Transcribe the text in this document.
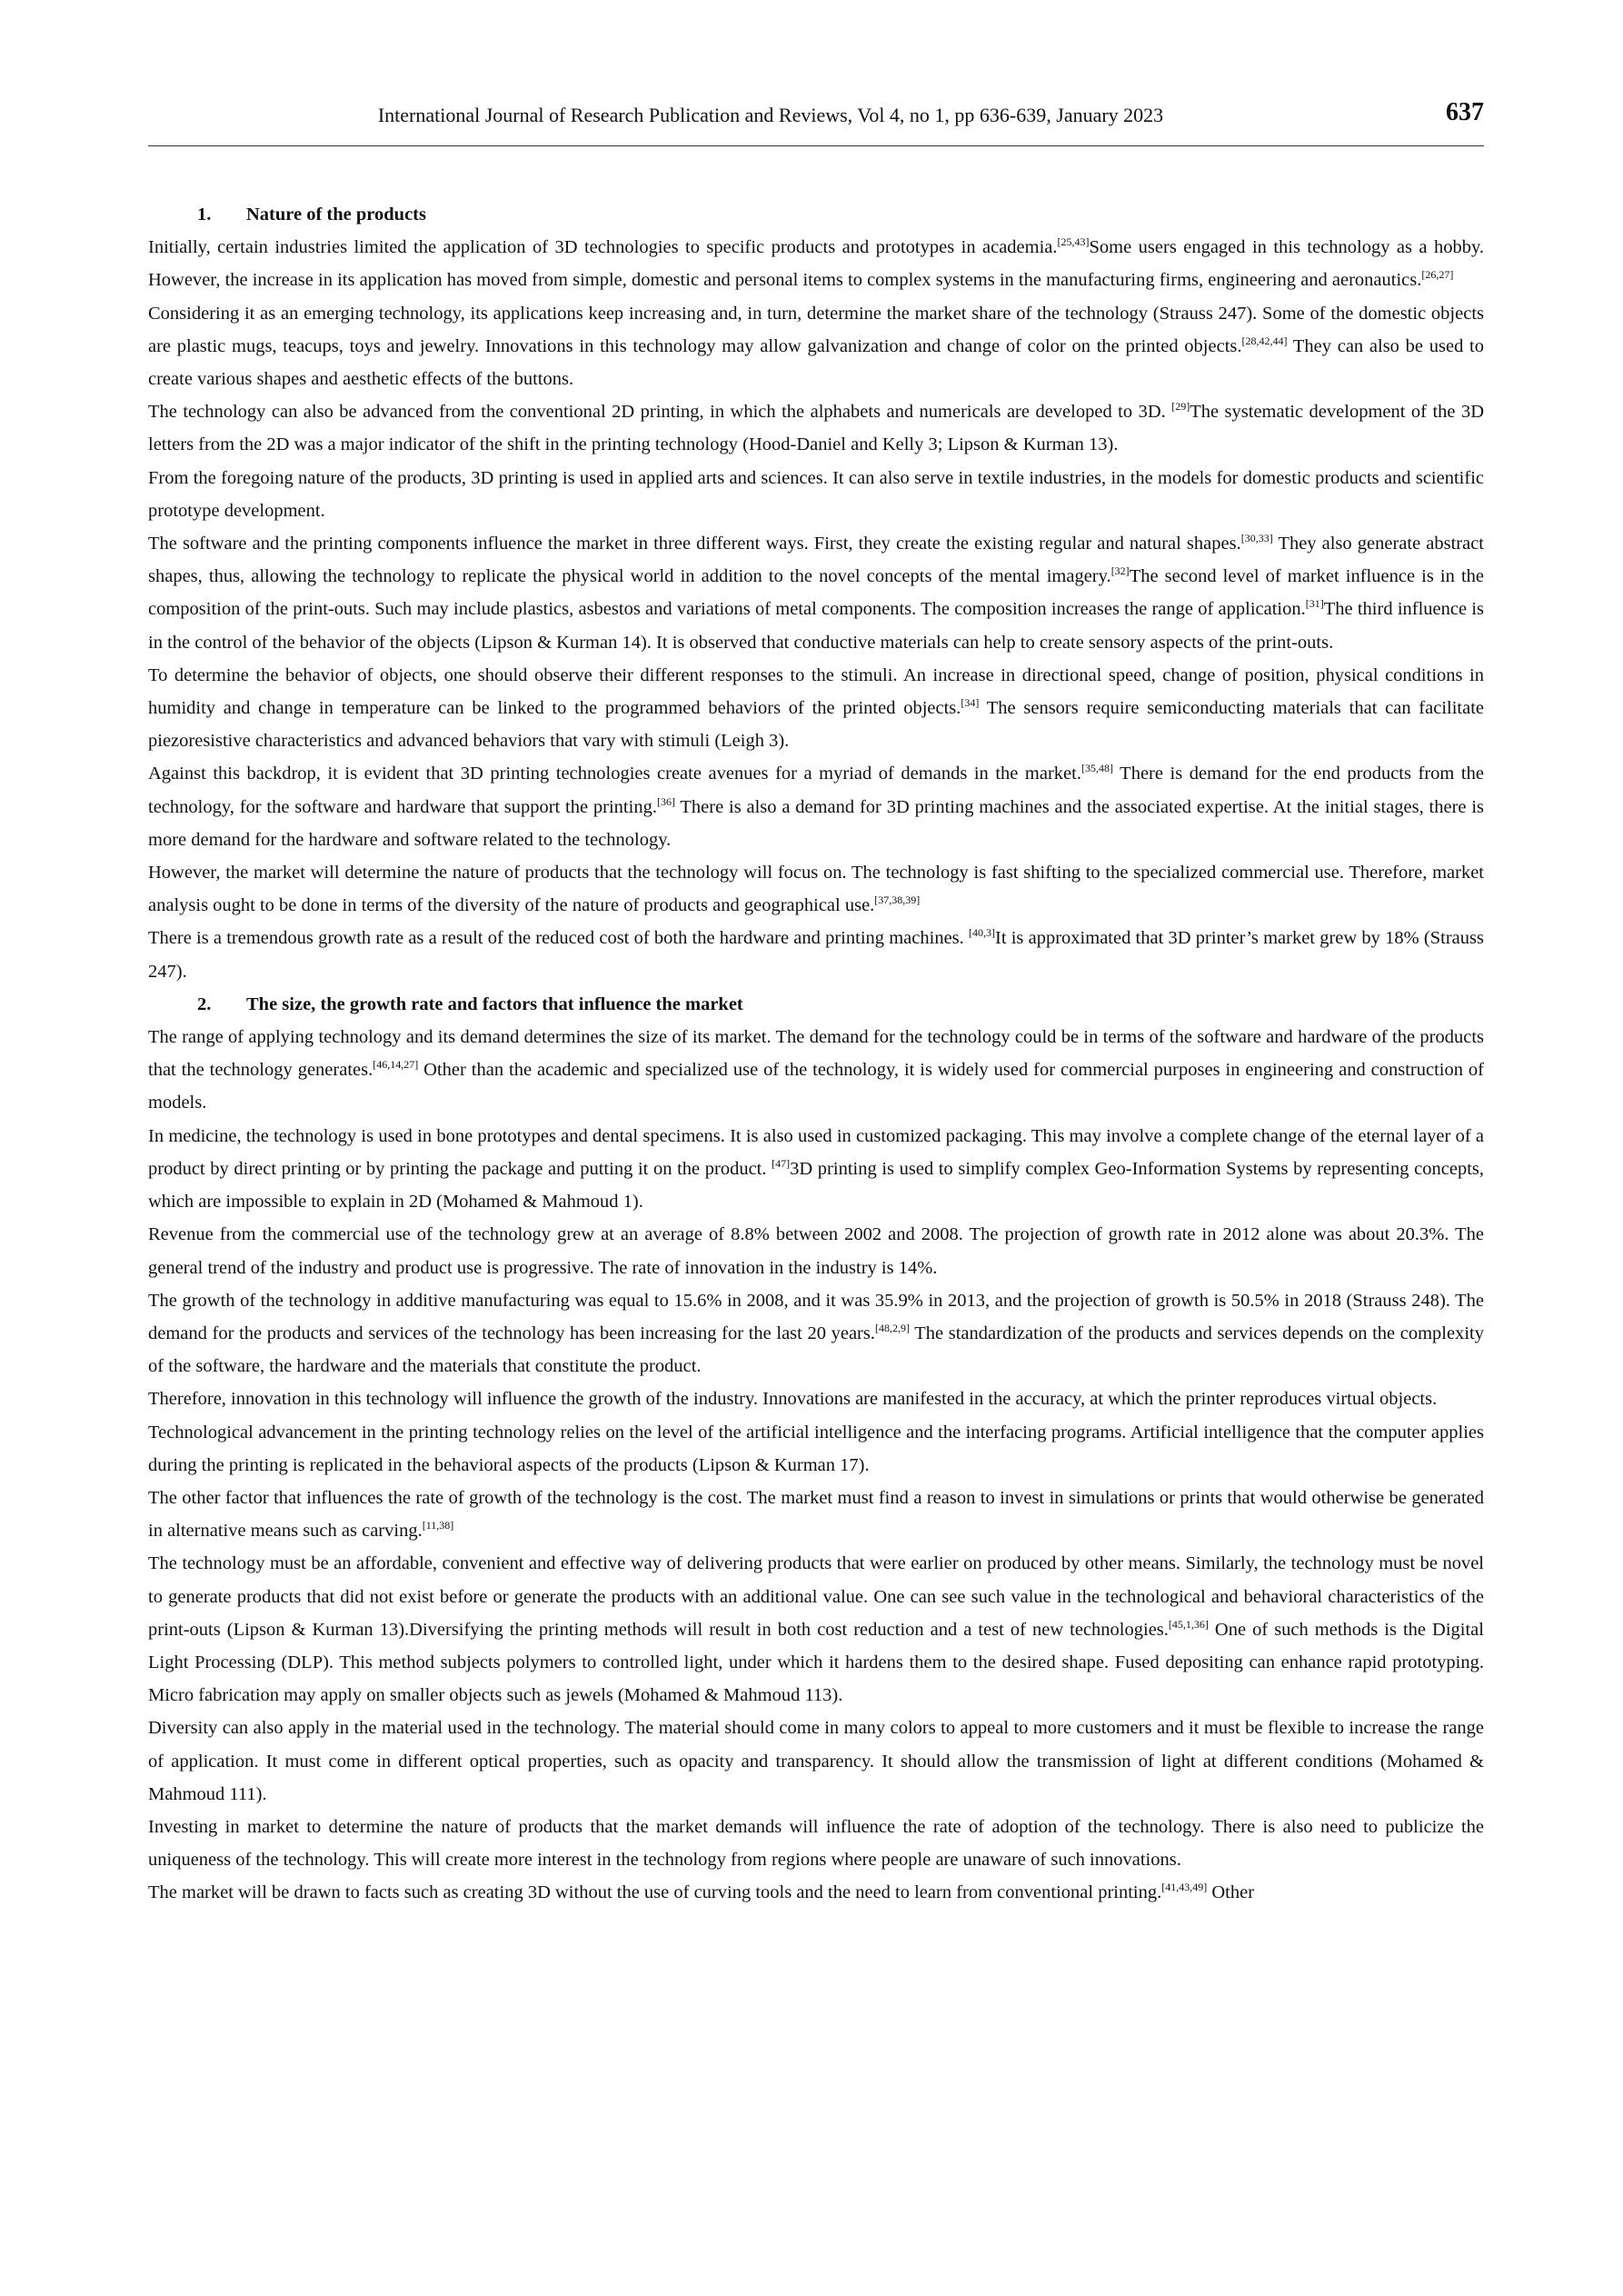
International Journal of Research Publication and Reviews, Vol 4, no 1, pp 636-639, January 2023	637
1. Nature of the products

Initially, certain industries limited the application of 3D technologies to specific products and prototypes in academia.[25,43]Some users engaged in this technology as a hobby. However, the increase in its application has moved from simple, domestic and personal items to complex systems in the manufacturing firms, engineering and aeronautics.[26,27]

Considering it as an emerging technology, its applications keep increasing and, in turn, determine the market share of the technology (Strauss 247). Some of the domestic objects are plastic mugs, teacups, toys and jewelry. Innovations in this technology may allow galvanization and change of color on the printed objects.[28,42,44] They can also be used to create various shapes and aesthetic effects of the buttons.

The technology can also be advanced from the conventional 2D printing, in which the alphabets and numericals are developed to 3D. [29]The systematic development of the 3D letters from the 2D was a major indicator of the shift in the printing technology (Hood-Daniel and Kelly 3; Lipson & Kurman 13).

From the foregoing nature of the products, 3D printing is used in applied arts and sciences. It can also serve in textile industries, in the models for domestic products and scientific prototype development.

The software and the printing components influence the market in three different ways. First, they create the existing regular and natural shapes.[30,33] They also generate abstract shapes, thus, allowing the technology to replicate the physical world in addition to the novel concepts of the mental imagery.[32]The second level of market influence is in the composition of the print-outs. Such may include plastics, asbestos and variations of metal components. The composition increases the range of application.[31]The third influence is in the control of the behavior of the objects (Lipson & Kurman 14). It is observed that conductive materials can help to create sensory aspects of the print-outs.

To determine the behavior of objects, one should observe their different responses to the stimuli. An increase in directional speed, change of position, physical conditions in humidity and change in temperature can be linked to the programmed behaviors of the printed objects.[34] The sensors require semiconducting materials that can facilitate piezoresistive characteristics and advanced behaviors that vary with stimuli (Leigh 3).

Against this backdrop, it is evident that 3D printing technologies create avenues for a myriad of demands in the market.[35,48] There is demand for the end products from the technology, for the software and hardware that support the printing.[36] There is also a demand for 3D printing machines and the associated expertise. At the initial stages, there is more demand for the hardware and software related to the technology.

However, the market will determine the nature of products that the technology will focus on. The technology is fast shifting to the specialized commercial use. Therefore, market analysis ought to be done in terms of the diversity of the nature of products and geographical use.[37,38,39]

There is a tremendous growth rate as a result of the reduced cost of both the hardware and printing machines. [40,3]It is approximated that 3D printer’s market grew by 18% (Strauss 247).

2. The size, the growth rate and factors that influence the market

The range of applying technology and its demand determines the size of its market. The demand for the technology could be in terms of the software and hardware of the products that the technology generates.[46,14,27] Other than the academic and specialized use of the technology, it is widely used for commercial purposes in engineering and construction of models.

In medicine, the technology is used in bone prototypes and dental specimens. It is also used in customized packaging. This may involve a complete change of the eternal layer of a product by direct printing or by printing the package and putting it on the product. [47]3D printing is used to simplify complex Geo-Information Systems by representing concepts, which are impossible to explain in 2D (Mohamed & Mahmoud 1).

Revenue from the commercial use of the technology grew at an average of 8.8% between 2002 and 2008. The projection of growth rate in 2012 alone was about 20.3%. The general trend of the industry and product use is progressive. The rate of innovation in the industry is 14%.

The growth of the technology in additive manufacturing was equal to 15.6% in 2008, and it was 35.9% in 2013, and the projection of growth is 50.5% in 2018 (Strauss 248). The demand for the products and services of the technology has been increasing for the last 20 years.[48,2,9] The standardization of the products and services depends on the complexity of the software, the hardware and the materials that constitute the product.

Therefore, innovation in this technology will influence the growth of the industry. Innovations are manifested in the accuracy, at which the printer reproduces virtual objects.

Technological advancement in the printing technology relies on the level of the artificial intelligence and the interfacing programs. Artificial intelligence that the computer applies during the printing is replicated in the behavioral aspects of the products (Lipson & Kurman 17).

The other factor that influences the rate of growth of the technology is the cost. The market must find a reason to invest in simulations or prints that would otherwise be generated in alternative means such as carving.[11,38]

The technology must be an affordable, convenient and effective way of delivering products that were earlier on produced by other means. Similarly, the technology must be novel to generate products that did not exist before or generate the products with an additional value. One can see such value in the technological and behavioral characteristics of the print-outs (Lipson & Kurman 13).Diversifying the printing methods will result in both cost reduction and a test of new technologies.[45,1,36] One of such methods is the Digital Light Processing (DLP). This method subjects polymers to controlled light, under which it hardens them to the desired shape. Fused depositing can enhance rapid prototyping. Micro fabrication may apply on smaller objects such as jewels (Mohamed & Mahmoud 113).

Diversity can also apply in the material used in the technology. The material should come in many colors to appeal to more customers and it must be flexible to increase the range of application. It must come in different optical properties, such as opacity and transparency. It should allow the transmission of light at different conditions (Mohamed & Mahmoud 111).

Investing in market to determine the nature of products that the market demands will influence the rate of adoption of the technology. There is also need to publicize the uniqueness of the technology. This will create more interest in the technology from regions where people are unaware of such innovations.

The market will be drawn to facts such as creating 3D without the use of curving tools and the need to learn from conventional printing.[41,43,49] Other
